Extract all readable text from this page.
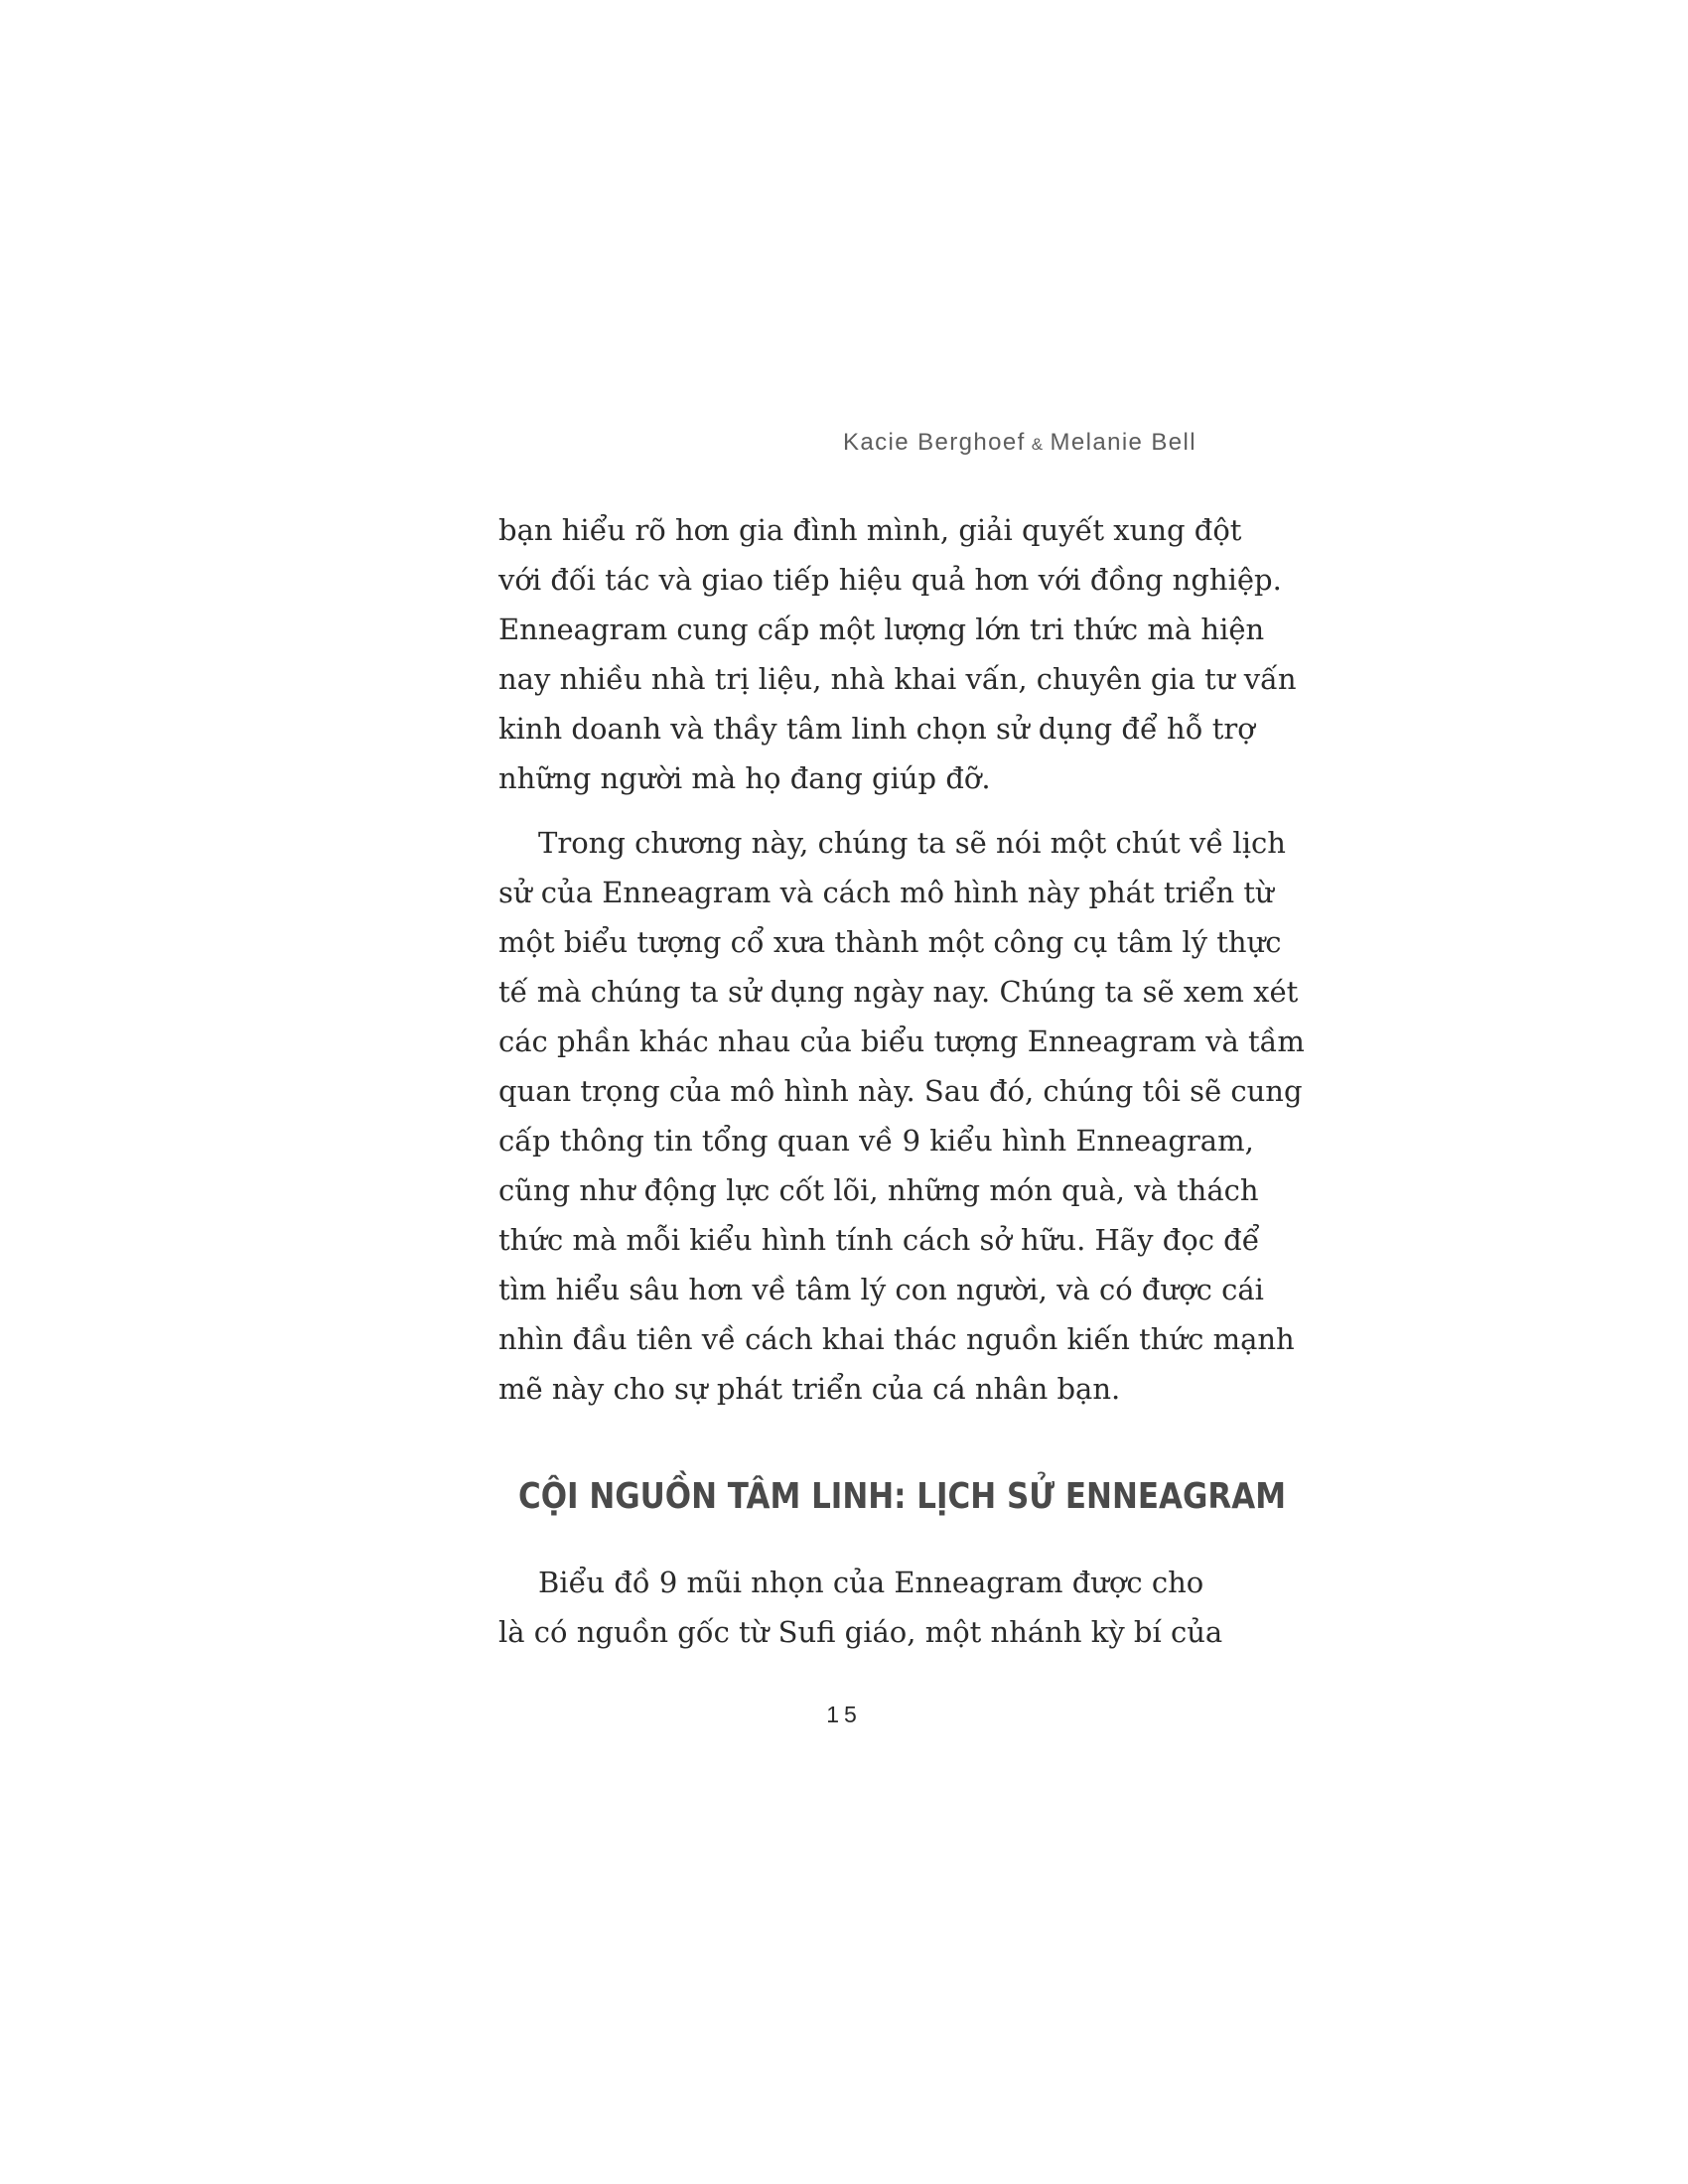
Kacie Berghoef & Melanie Bell
bạn hiểu rõ hơn gia đình mình, giải quyết xung đột
với đối tác và giao tiếp hiệu quả hơn với đồng nghiệp.
Enneagram cung cấp một lượng lớn tri thức mà hiện
nay nhiều nhà trị liệu, nhà khai vấn, chuyên gia tư vấn
kinh doanh và thầy tâm linh chọn sử dụng để hỗ trợ
những người mà họ đang giúp đỡ.
Trong chương này, chúng ta sẽ nói một chút về lịch
sử của Enneagram và cách mô hình này phát triển từ
một biểu tượng cổ xưa thành một công cụ tâm lý thực
tế mà chúng ta sử dụng ngày nay. Chúng ta sẽ xem xét
các phần khác nhau của biểu tượng Enneagram và tầm
quan trọng của mô hình này. Sau đó, chúng tôi sẽ cung
cấp thông tin tổng quan về 9 kiểu hình Enneagram,
cũng như động lực cốt lõi, những món quà, và thách
thức mà mỗi kiểu hình tính cách sở hữu. Hãy đọc để
tìm hiểu sâu hơn về tâm lý con người, và có được cái
nhìn đầu tiên về cách khai thác nguồn kiến thức mạnh
mẽ này cho sự phát triển của cá nhân bạn.
CỘI NGUỒN TÂM LINH: LỊCH SỬ ENNEAGRAM
Biểu đồ 9 mũi nhọn của Enneagram được cho
là có nguồn gốc từ Sufi giáo, một nhánh kỳ bí của
15
